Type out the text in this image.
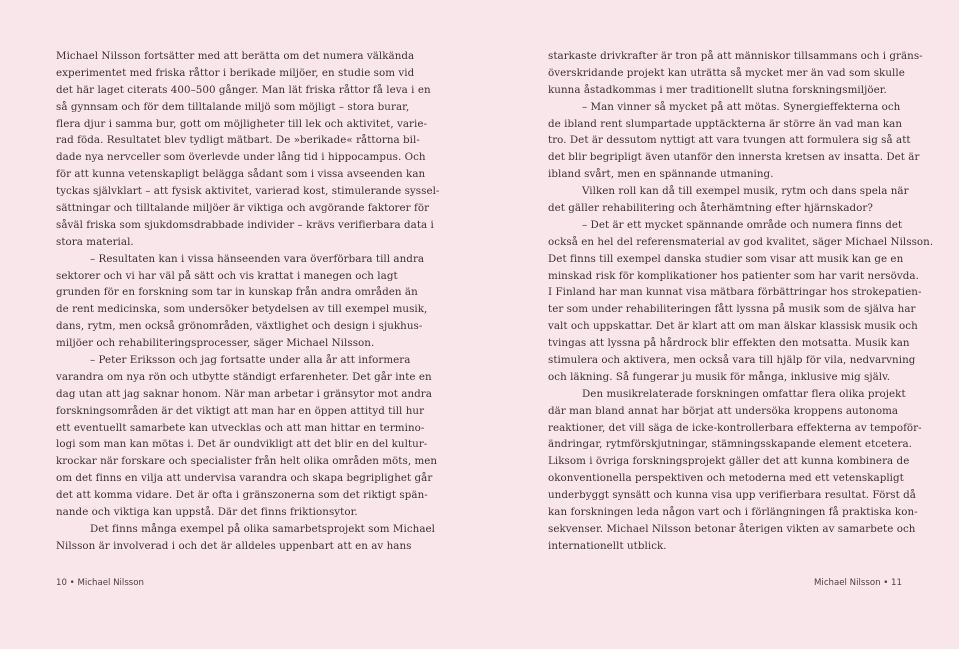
Michael Nilsson fortsätter med att berätta om det numera välkända
experimentet med friska råttor i berikade miljöer, en studie som vid
det här laget citerats 400–500 gånger. Man lät friska råttor få leva i en
så gynnsam och för dem tilltalande miljö som möjligt – stora burar,
flera djur i samma bur, gott om möjligheter till lek och aktivitet, varie-
rad föda. Resultatet blev tydligt mätbart. De »berikade« råttorna bil-
dade nya nervceller som överlevde under lång tid i hippocampus. Och
för att kunna vetenskapligt belägga sådant som i vissa avseenden kan
tyckas självklart – att fysisk aktivitet, varierad kost, stimulerande syssel-
sättningar och tilltalande miljöer är viktiga och avgörande faktorer för
såväl friska som sjukdomsdrabbade individer – krävs verifierbara data i
stora material.
– Resultaten kan i vissa hänseenden vara överförbara till andra
sektorer och vi har väl på sätt och vis krattat i manegen och lagt
grunden för en forskning som tar in kunskap från andra områden än
de rent medicinska, som undersöker betydelsen av till exempel musik,
dans, rytm, men också grönområden, växtlighet och design i sjukhus-
miljöer och rehabiliteringsprocesser, säger Michael Nilsson.
– Peter Eriksson och jag fortsatte under alla år att informera
varandra om nya rön och utbytte ständigt erfarenheter. Det går inte en
dag utan att jag saknar honom. När man arbetar i gränsytor mot andra
forskningsområden är det viktigt att man har en öppen attityd till hur
ett eventuellt samarbete kan utvecklas och att man hittar en termino-
logi som man kan mötas i. Det är oundvikligt att det blir en del kultur-
krockar när forskare och specialister från helt olika områden möts, men
om det finns en vilja att undervisa varandra och skapa begriplighet går
det att komma vidare. Det är ofta i gränszonerna som det riktigt spän-
nande och viktiga kan uppstå. Där det finns friktionsytor.
Det finns många exempel på olika samarbetsprojekt som Michael
Nilsson är involverad i och det är alldeles uppenbart att en av hans
starkaste drivkrafter är tron på att människor tillsammans och i gräns-
överskridande projekt kan uträtta så mycket mer än vad som skulle
kunna åstadkommas i mer traditionellt slutna forskningsmiljöer.
– Man vinner så mycket på att mötas. Synergieffekterna och
de ibland rent slumpartade upptäckterna är större än vad man kan
tro. Det är dessutom nyttigt att vara tvungen att formulera sig så att
det blir begripligt även utanför den innersta kretsen av insatta. Det är
ibland svårt, men en spännande utmaning.
Vilken roll kan då till exempel musik, rytm och dans spela när
det gäller rehabilitering och återhämtning efter hjärnskador?
– Det är ett mycket spännande område och numera finns det
också en hel del referensmaterial av god kvalitet, säger Michael Nilsson.
Det finns till exempel danska studier som visar att musik kan ge en
minskad risk för komplikationer hos patienter som har varit nersövda.
I Finland har man kunnat visa mätbara förbättringar hos strokepatien-
ter som under rehabiliteringen fått lyssna på musik som de själva har
valt och uppskattar. Det är klart att om man älskar klassisk musik och
tvingas att lyssna på hårdrock blir effekten den motsatta. Musik kan
stimulera och aktivera, men också vara till hjälp för vila, nedvarvning
och läkning. Så fungerar ju musik för många, inklusive mig själv.
Den musikrelaterade forskningen omfattar flera olika projekt
där man bland annat har börjat att undersöka kroppens autonoma
reaktioner, det vill säga de icke-kontrollerbara effekterna av tempoför-
ändringar, rytmförskjutningar, stämningsskapande element etcetera.
Liksom i övriga forskningsprojekt gäller det att kunna kombinera de
okonventionella perspektiven och metoderna med ett vetenskapligt
underbyggt synsätt och kunna visa upp verifierbara resultat. Först då
kan forskningen leda någon vart och i förlängningen få praktiska kon-
sekvenser. Michael Nilsson betonar återigen vikten av samarbete och
internationellt utblick.
10 • Michael Nilsson	Michael Nilsson • 11
